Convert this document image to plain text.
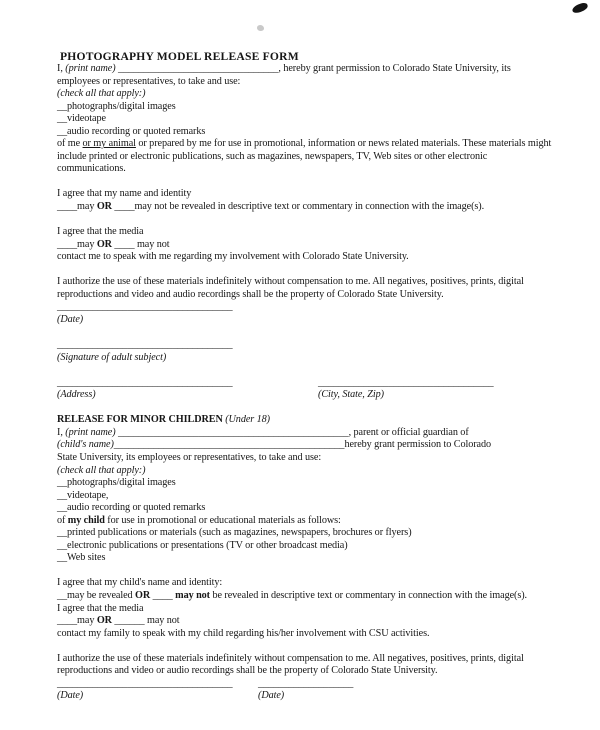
PHOTOGRAPHY MODEL RELEASE FORM
I, (print name) ________________________________, hereby grant permission to Colorado State University, its
employees or representatives, to take and use:
(check all that apply:)
__photographs/digital images
__videotape
__audio recording or quoted remarks
of me or my animal or prepared by me for use in promotional, information or news related materials. These materials might
include printed or electronic publications, such as magazines, newspapers, TV, Web sites or other electronic
communications.
I agree that my name and identity
____may OR ____may not be revealed in descriptive text or commentary in connection with the image(s).
I agree that the media
____may OR ____ may not
contact me to speak with me regarding my involvement with Colorado State University.
I authorize the use of these materials indefinitely without compensation to me. All negatives, positives, prints, digital
reproductions and video and audio recordings shall be the property of Colorado State University.
___________________________________
(Date)
___________________________________
(Signature of adult subject)
___________________________________	___________________________________
(Address)	(City, State, Zip)
RELEASE FOR MINOR CHILDREN (Under 18)
I, (print name) ______________________________________________, parent or official guardian of
(child's name)______________________________________________hereby grant permission to Colorado
State University, its employees or representatives, to take and use:
(check all that apply:)
__photographs/digital images
__videotape,
__audio recording or quoted remarks
of my child for use in promotional or educational materials as follows:
__printed publications or materials (such as magazines, newspapers, brochures or flyers)
__electronic publications or presentations (TV or other broadcast media)
__Web sites
I agree that my child's name and identity:
__may be revealed OR ____ may not be revealed in descriptive text or commentary in connection with the image(s).
I agree that the media
____may OR ______ may not
contact my family to speak with my child regarding his/her involvement with CSU activities.
I authorize the use of these materials indefinitely without compensation to me. All negatives, positives, prints, digital
reproductions and video or audio recordings shall be the property of Colorado State University.
___________________________________	___________________
(Date)	(Date)
